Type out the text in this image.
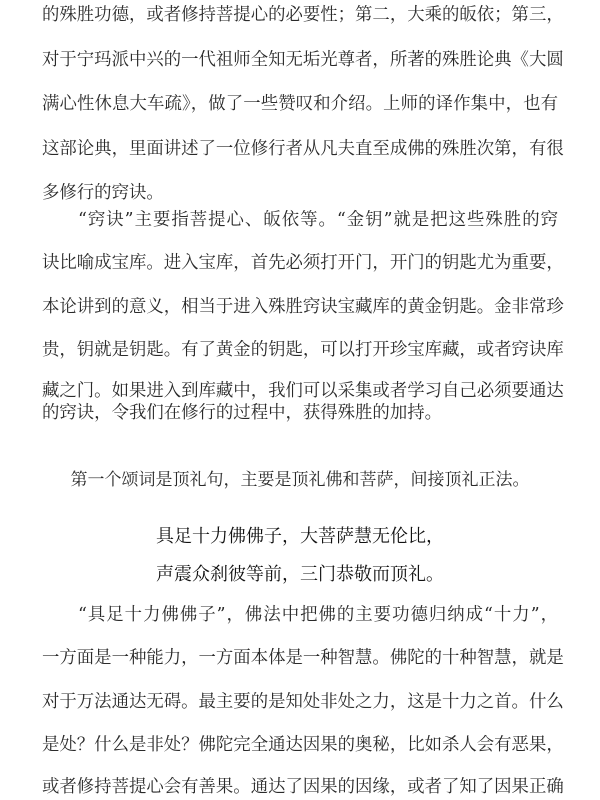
的殊胜功德，或者修持菩提心的必要性；第二，大乘的皈依；第三，
对于宁玛派中兴的一代祖师全知无垢光尊者，所著的殊胜论典《大圆
满心性休息大车疏》，做了一些赞叹和介绍。上师的译作集中，也有
这部论典，里面讲述了一位修行者从凡夫直至成佛的殊胜次第，有很
多修行的窍诀。
“窍诀”主要指菩提心、皈依等。“金钥”就是把这些殊胜的窍
诀比喻成宝库。进入宝库，首先必须打开门，开门的钥匙尤为重要，
本论讲到的意义，相当于进入殊胜窍诀宝藏库的黄金钥匙。金非常珍
贵，钥就是钥匙。有了黄金的钥匙，可以打开珍宝库藏，或者窍诀库
藏之门。如果进入到库藏中，我们可以采集或者学习自己必须要通达
的窍诀，令我们在修行的过程中，获得殊胜的加持。
第一个颂词是顶礼句，主要是顶礼佛和菩萨，间接顶礼正法。
具足十力佛佛子，大菩萨慧无伦比，
声震众刹彼等前，三门恭敬而顶礼。
“具足十力佛佛子”，佛法中把佛的主要功德归纳成“十力”，
一方面是一种能力，一方面本体是一种智慧。佛陀的十种智慧，就是
对于万法通达无碍。最主要的是知处非处之力，这是十力之首。什么
是处？什么是非处？佛陀完全通达因果的奥秘，比如杀人会有恶果，
或者修持菩提心会有善果。通达了因果的因缘，或者了知了因果正确
